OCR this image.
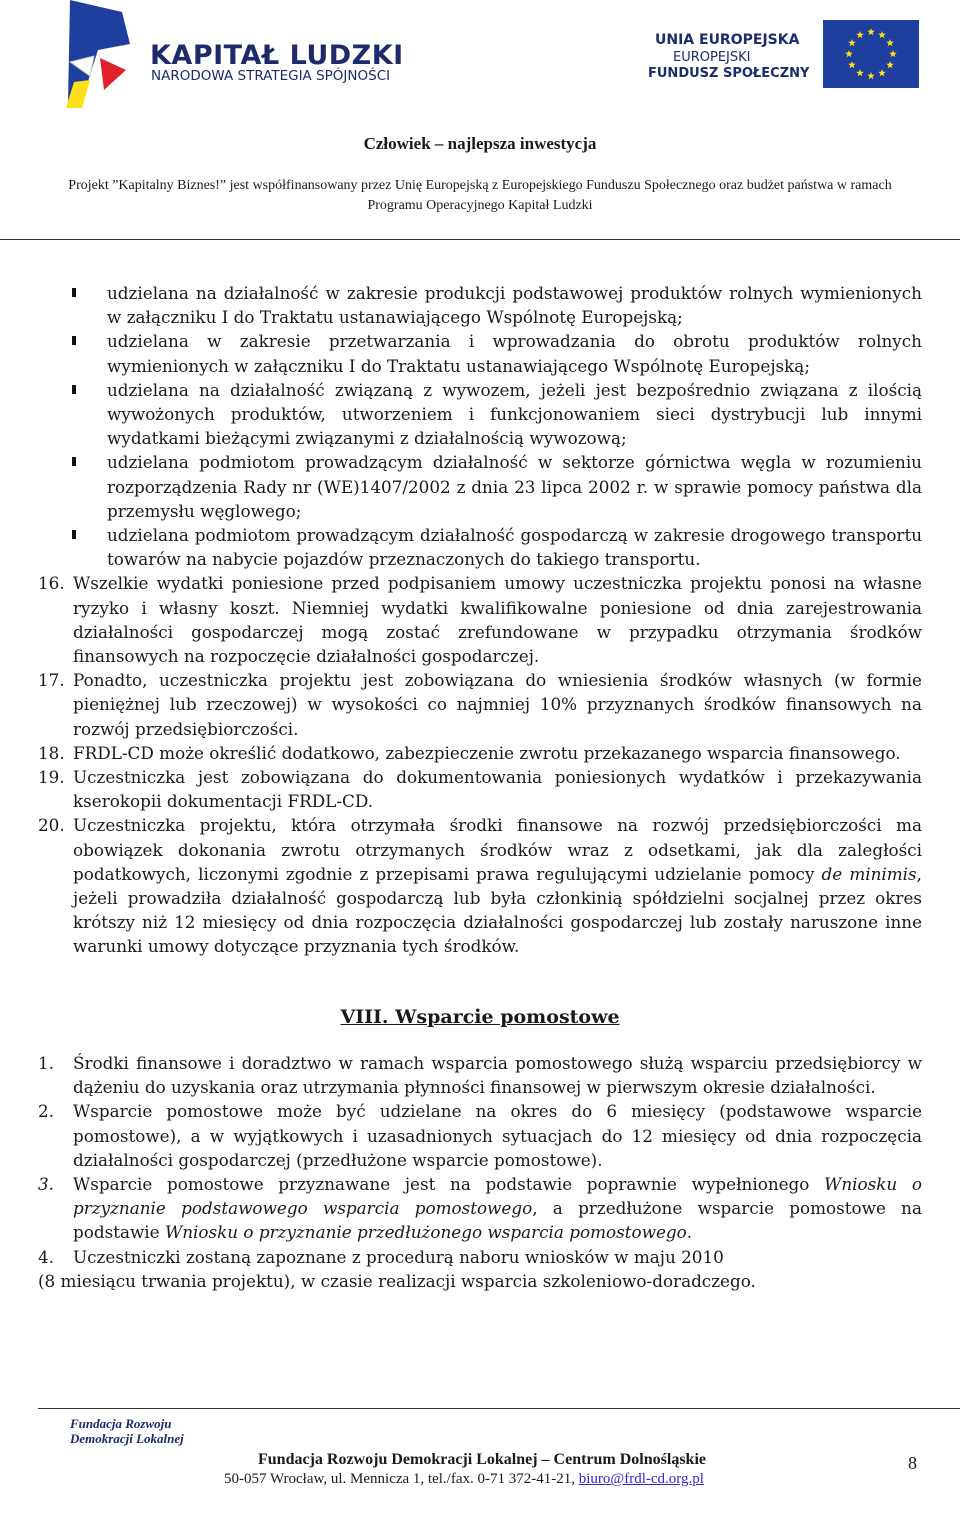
KAPITAŁ LUDZKI
NARODOWA STRATEGIA SPÓJNOŚCI
UNIA EUROPEJSKA
EUROPEJSKI
FUNDUSZ SPOŁECZNY
Człowiek – najlepsza inwestycja
Projekt ”Kapitalny Biznes!” jest współfinansowany przez Unię Europejską z Europejskiego Funduszu Społecznego oraz budżet państwa w ramach
Programu Operacyjnego Kapitał Ludzki
udzielana na działalność w zakresie produkcji podstawowej produktów rolnych wymienionych w załączniku I do Traktatu ustanawiającego Wspólnotę Europejską;
udzielana w zakresie przetwarzania i wprowadzania do obrotu produktów rolnych wymienionych w załączniku I do Traktatu ustanawiającego Wspólnotę Europejską;
udzielana na działalność związaną z wywozem, jeżeli jest bezpośrednio związana z ilością wywożonych produktów, utworzeniem i funkcjonowaniem sieci dystrybucji lub innymi wydatkami bieżącymi związanymi z działalnością wywozową;
udzielana podmiotom prowadzącym działalność w sektorze górnictwa węgla w rozumieniu rozporządzenia Rady nr (WE)1407/2002 z dnia 23 lipca 2002 r. w sprawie pomocy państwa dla przemysłu węglowego;
udzielana podmiotom prowadzącym działalność gospodarczą w zakresie drogowego transportu towarów na nabycie pojazdów przeznaczonych do takiego transportu.
16. Wszelkie wydatki poniesione przed podpisaniem umowy uczestniczka projektu ponosi na własne ryzyko i własny koszt. Niemniej wydatki kwalifikowalne poniesione od dnia zarejestrowania działalności gospodarczej mogą zostać zrefundowane w przypadku otrzymania środków finansowych na rozpoczęcie działalności gospodarczej.
17. Ponadto, uczestniczka projektu jest zobowiązana do wniesienia środków własnych (w formie pieniężnej lub rzeczowej) w wysokości co najmniej 10% przyznanych środków finansowych na rozwój przedsiębiorczości.
18. FRDL-CD może określić dodatkowo, zabezpieczenie zwrotu przekazanego wsparcia finansowego.
19. Uczestniczka jest zobowiązana do dokumentowania poniesionych wydatków i przekazywania kserokopii dokumentacji FRDL-CD.
20. Uczestniczka projektu, która otrzymała środki finansowe na rozwój przedsiębiorczości ma obowiązek dokonania zwrotu otrzymanych środków wraz z odsetkami, jak dla zaległości podatkowych, liczonymi zgodnie z przepisami prawa regulującymi udzielanie pomocy de minimis, jeżeli prowadziła działalność gospodarczą lub była członkinią spółdzielni socjalnej przez okres krótszy niż 12 miesięcy od dnia rozpoczęcia działalności gospodarczej lub zostały naruszone inne warunki umowy dotyczące przyznania tych środków.
VIII. Wsparcie pomostowe
1. Środki finansowe i doradztwo w ramach wsparcia pomostowego służą wsparciu przedsiębiorcy w dążeniu do uzyskania oraz utrzymania płynności finansowej w pierwszym okresie działalności.
2. Wsparcie pomostowe może być udzielane na okres do 6 miesięcy (podstawowe wsparcie pomostowe), a w wyjątkowych i uzasadnionych sytuacjach do 12 miesięcy od dnia rozpoczęcia działalności gospodarczej (przedłużone wsparcie pomostowe).
3. Wsparcie pomostowe przyznawane jest na podstawie poprawnie wypełnionego Wniosku o przyznanie podstawowego wsparcia pomostowego, a przedłużone wsparcie pomostowe na podstawie Wniosku o przyznanie przedłużonego wsparcia pomostowego.
4. Uczestniczki zostaną zapoznane z procedurą naboru wniosków w maju 2010
(8 miesiącu trwania projektu), w czasie realizacji wsparcia szkoleniowo-doradczego.
Fundacja Rozwoju
Demokracji Lokalnej
Fundacja Rozwoju Demokracji Lokalnej – Centrum Dolnośląskie
50-057 Wrocław, ul. Mennicza 1, tel./fax. 0-71 372-41-21, biuro@frdl-cd.org.pl
8
